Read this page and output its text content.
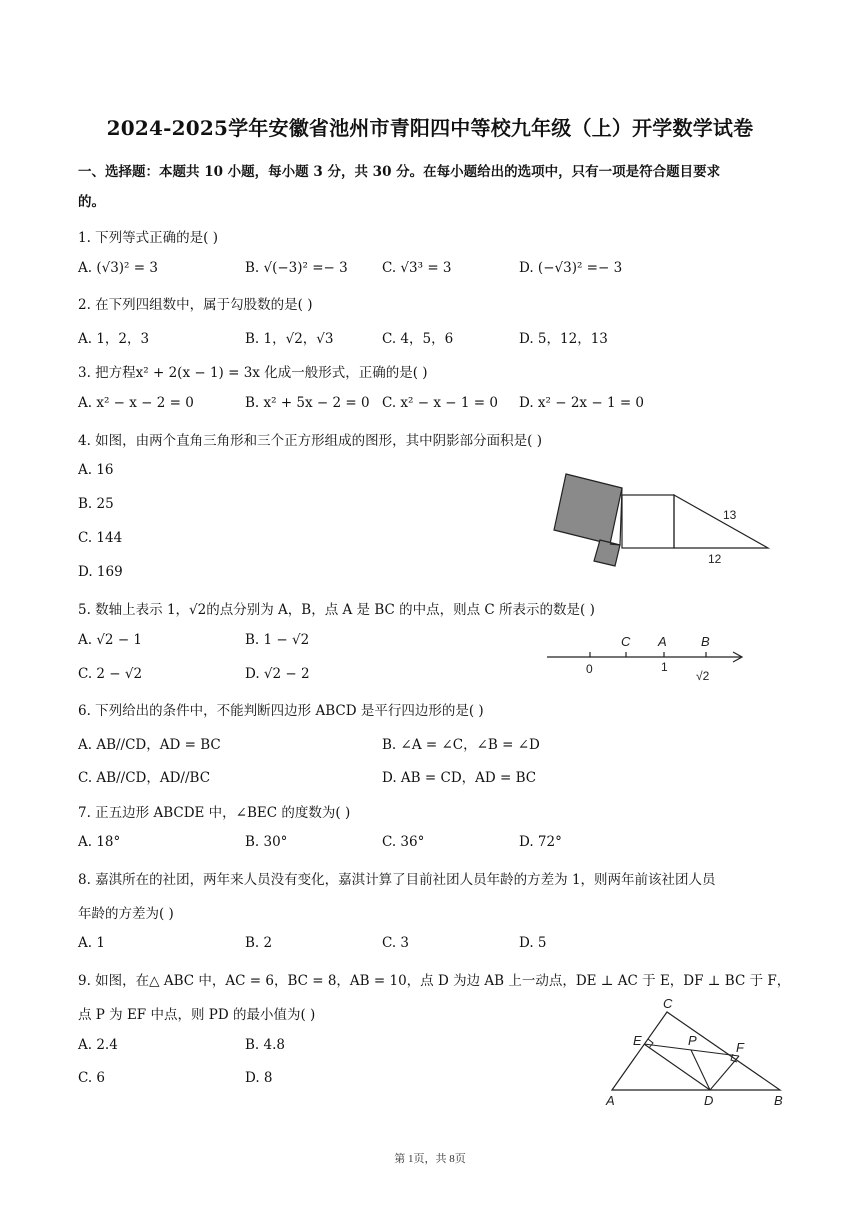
2024-2025学年安徽省池州市青阳四中等校九年级（上）开学数学试卷
一、选择题：本题共 10 小题，每小题 3 分，共 30 分。在每小题给出的选项中，只有一项是符合题目要求
的。
1. 下列等式正确的是( )
A. (√3)² = 3	B. √(−3)² =− 3	C. √3³ = 3	D. (−√3)² =− 3
2. 在下列四组数中，属于勾股数的是( )
A. 1，2，3	B. 1，√2，√3	C. 4，5，6	D. 5，12，13
3. 把方程x² + 2(x − 1) = 3x 化成一般形式，正确的是( )
A. x² − x − 2 = 0	B. x² + 5x − 2 = 0 C. x² − x − 1 = 0 D. x² − 2x − 1 = 0
4. 如图，由两个直角三角形和三个正方形组成的图形，其中阴影部分面积是( )
A. 16
B. 25
C. 144
D. 169
13
12
5. 数轴上表示 1，√2的点分别为 A，B，点 A 是 BC 的中点，则点 C 所表示的数是( )
A. √2 − 1	B. 1 − √2
C. 2 − √2	D. √2 − 2
C A	B
0	1
√2
6. 下列给出的条件中，不能判断四边形 ABCD 是平行四边形的是( )
A. AB//CD，AD = BC	B. ∠A = ∠C，∠B = ∠D
C. AB//CD，AD//BC	D. AB = CD，AD = BC
7. 正五边形 ABCDE 中，∠BEC 的度数为( )
A. 18°	B. 30°	C. 36°	D. 72°
8. 嘉淇所在的社团，两年来人员没有变化，嘉淇计算了目前社团人员年龄的方差为 1，则两年前该社团人员
年龄的方差为( )
A. 1	B. 2	C. 3	D. 5
9. 如图，在△ ABC 中，AC = 6，BC = 8，AB = 10，点 D 为边 AB 上一动点，DE ⊥ AC 于 E，DF ⊥ BC 于 F，
点 P 为 EF 中点，则 PD 的最小值为( )
A. 2.4	B. 4.8
C. 6	D. 8
C
E	P	F
A	D	B
第 1页，共 8页
